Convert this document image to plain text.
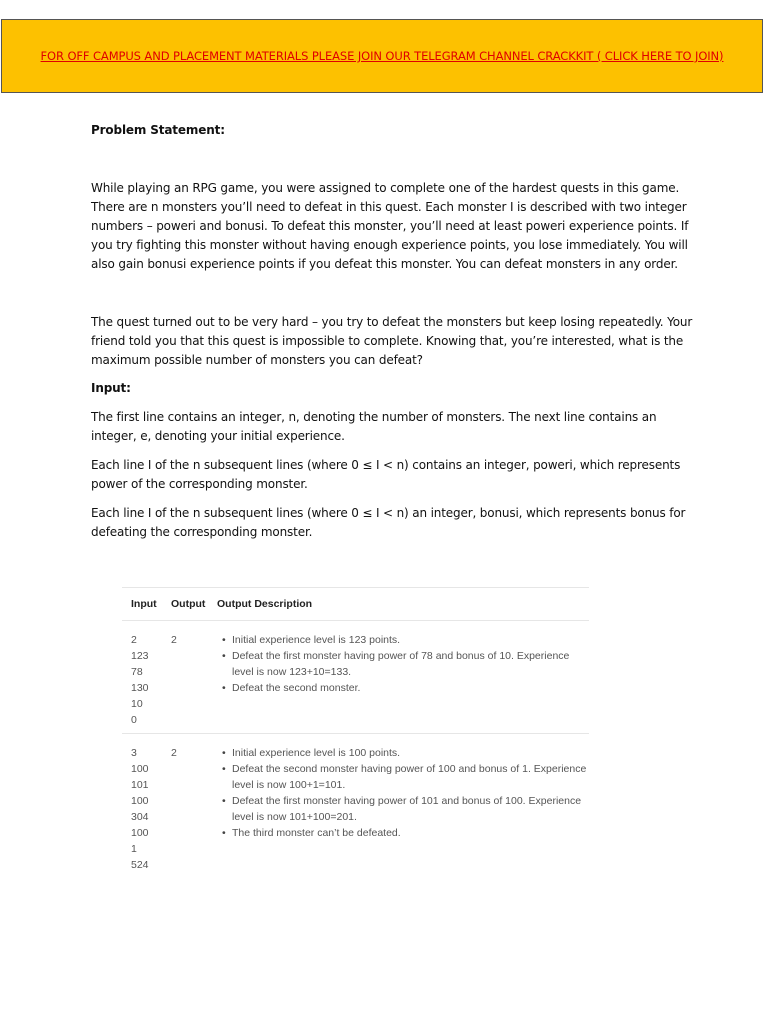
FOR OFF CAMPUS AND PLACEMENT MATERIALS PLEASE JOIN OUR TELEGRAM CHANNEL CRACKKIT ( CLICK HERE TO JOIN)

Problem Statement:

While playing an RPG game, you were assigned to complete one of the hardest quests in this game. There are n monsters you’ll need to defeat in this quest. Each monster I is described with two integer numbers – poweri and bonusi. To defeat this monster, you’ll need at least poweri experience points. If you try fighting this monster without having enough experience points, you lose immediately. You will also gain bonusi experience points if you defeat this monster. You can defeat monsters in any order.

The quest turned out to be very hard – you try to defeat the monsters but keep losing repeatedly. Your friend told you that this quest is impossible to complete. Knowing that, you’re interested, what is the maximum possible number of monsters you can defeat?

Input:

The first line contains an integer, n, denoting the number of monsters. The next line contains an integer, e, denoting your initial experience.

Each line I of the n subsequent lines (where 0 ≤ I < n) contains an integer, poweri, which represents power of the corresponding monster.

Each line I of the n subsequent lines (where 0 ≤ I < n) an integer, bonusi, which represents bonus for defeating the corresponding monster.

Input	Output	Output Description
2
123
78
130
10
0
2	• Initial experience level is 123 points.
• Defeat the first monster having power of 78 and bonus of 10. Experience level is now 123+10=133.
• Defeat the second monster.
3
100
101
100
304
100
1
524
2	• Initial experience level is 100 points.
• Defeat the second monster having power of 100 and bonus of 1. Experience level is now 100+1=101.
• Defeat the first monster having power of 101 and bonus of 100. Experience level is now 101+100=201.
• The third monster can’t be defeated.
